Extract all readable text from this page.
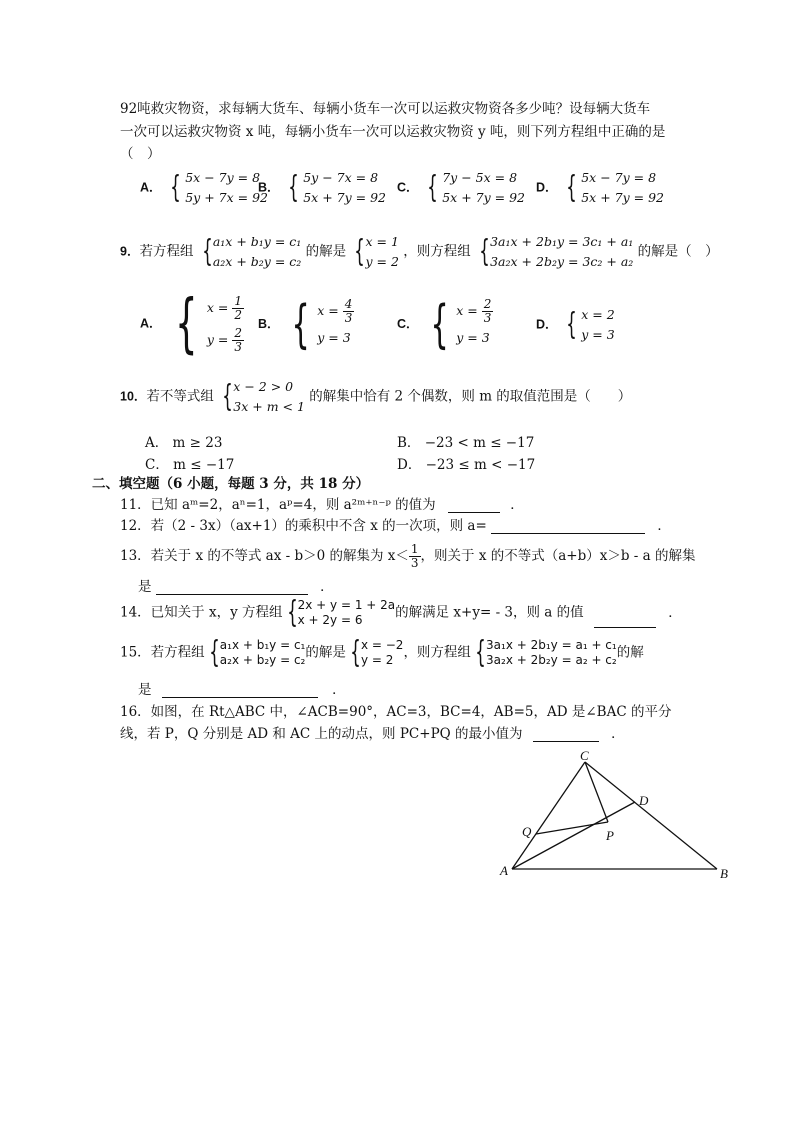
92吨救灾物资，求每辆大货车、每辆小货车一次可以运救灾物资各多少吨？设每辆大货车
一次可以运救灾物资 x 吨，每辆小货车一次可以运救灾物资 y 吨，则下列方程组中正确的是
（　）
A． { 5x − 7y = 8
5y + 7x = 92
B． { 5y − 7x = 8
5x + 7y = 92
C． { 7y − 5x = 8
5x + 7y = 92
D． { 5x − 7y = 8
5x + 7y = 92
9．若方程组 { a₁x + b₁y = c₁
a₂x + b₂y = c₂
的解是 { x = 1
y = 2
，则方程组 { 3a₁x + 2b₁y = 3c₁ + a₁
3a₂x + 2b₂y = 3c₂ + a₂
的解是（　）
A． { $x = \frac{1}{2}$
$y = \frac{2}{3}$
B． { $x = \frac{4}{3}$
y = 3
C． { $x = \frac{2}{3}$
y = 3
D． { x = 2
y = 3
10．若不等式组 { x − 2 > 0
3x + m < 1
的解集中恰有 2 个偶数，则 m 的取值范围是（　　）
A． m ≥ 23	B． −23 < m ≤ −17
C． m ≤ −17	D． −23 ≤ m < −17
二、填空题（6 小题，每题 3 分，共 18 分）
11．已知 aᵐ=2，aⁿ=1，aᵖ=4，则 a²ᵐ⁺ⁿ⁻ᵖ 的值为	．
12．若（2 - 3x）（ax+1）的乘积中不含 x 的一次项，则 a=	．
13．若关于 x 的不等式 ax - b＞0 的解集为 $x< \frac{1}{3}$ ，则关于 x 的不等式（a+b）x＞b - a 的解集
是	．
14．已知关于 x，y 方程组 { 2x + y = 1 + 2a
x + 2y = 6	的解满足 x+y= - 3，则 a 的值	．
15．若方程组 { a₁x + b₁y = c₁
a₂x + b₂y = c₂ 的解是 { x = −2
y = 2 ，则方程组 { 3a₁x + 2b₁y = a₁ + c₁
3a₂x + 2b₂y = a₂ + c₂ 的解
是	．
16．如图，在 Rt△ABC 中，∠ACB=90°，AC=3，BC=4，AB=5，AD 是∠BAC 的平分
线，若 P，Q 分别是 AD 和 AC 上的动点，则 PC+PQ 的最小值为	．
C
D
Q	P
A	B
